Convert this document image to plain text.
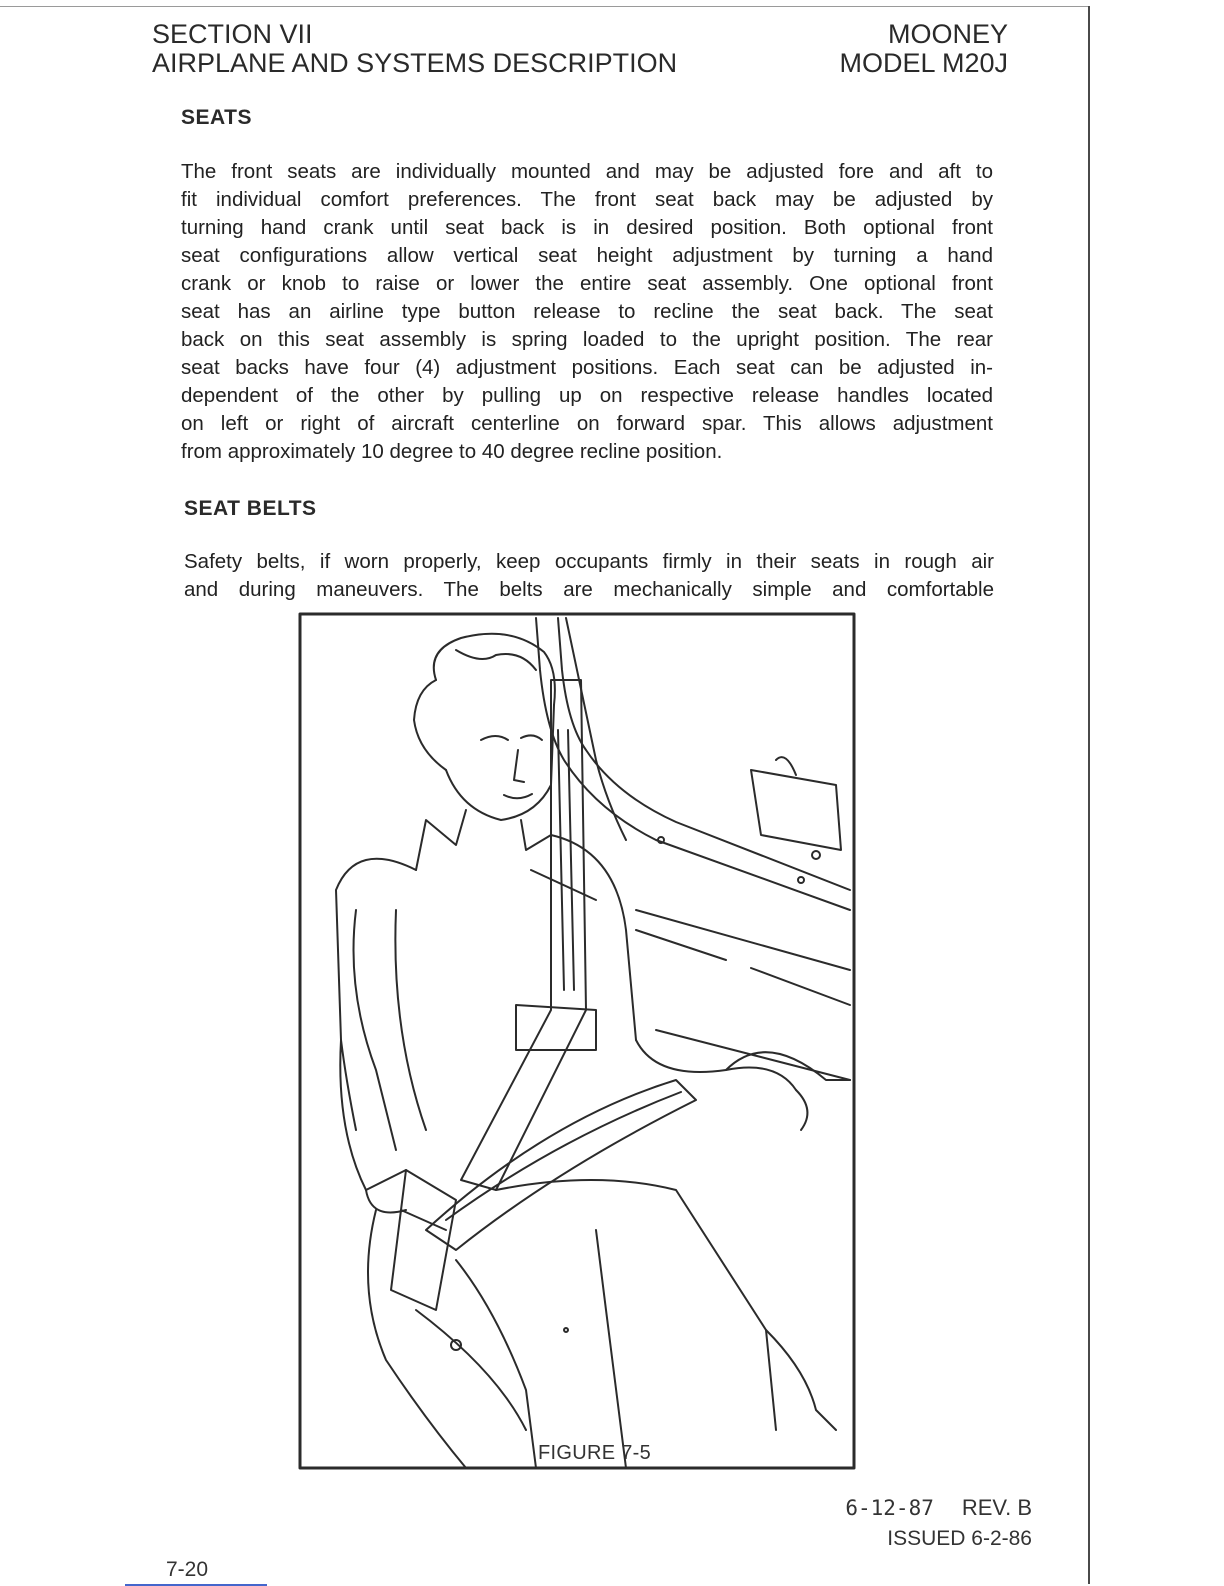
SECTION VII
AIRPLANE AND SYSTEMS DESCRIPTION
MOONEY
MODEL M20J
SEATS
The front seats are individually mounted and may be adjusted fore and aft to
fit individual comfort preferences. The front seat back may be adjusted by
turning hand crank until seat back is in desired position. Both optional front
seat configurations allow vertical seat height adjustment by turning a hand
crank or knob to raise or lower the entire seat assembly. One optional front
seat has an airline type button release to recline the seat back. The seat
back on this seat assembly is spring loaded to the upright position. The rear
seat backs have four (4) adjustment positions. Each seat can be adjusted in-
dependent of the other by pulling up on respective release handles located
on left or right of aircraft centerline on forward spar. This allows adjustment
from approximately 10 degree to 40 degree recline position.
SEAT BELTS
Safety belts, if worn properly, keep occupants firmly in their seats in rough air
and during maneuvers. The belts are mechanically simple and comfortable
FIGURE 7-5
6-12-87 REV. B
ISSUED 6-2-86
7-20
